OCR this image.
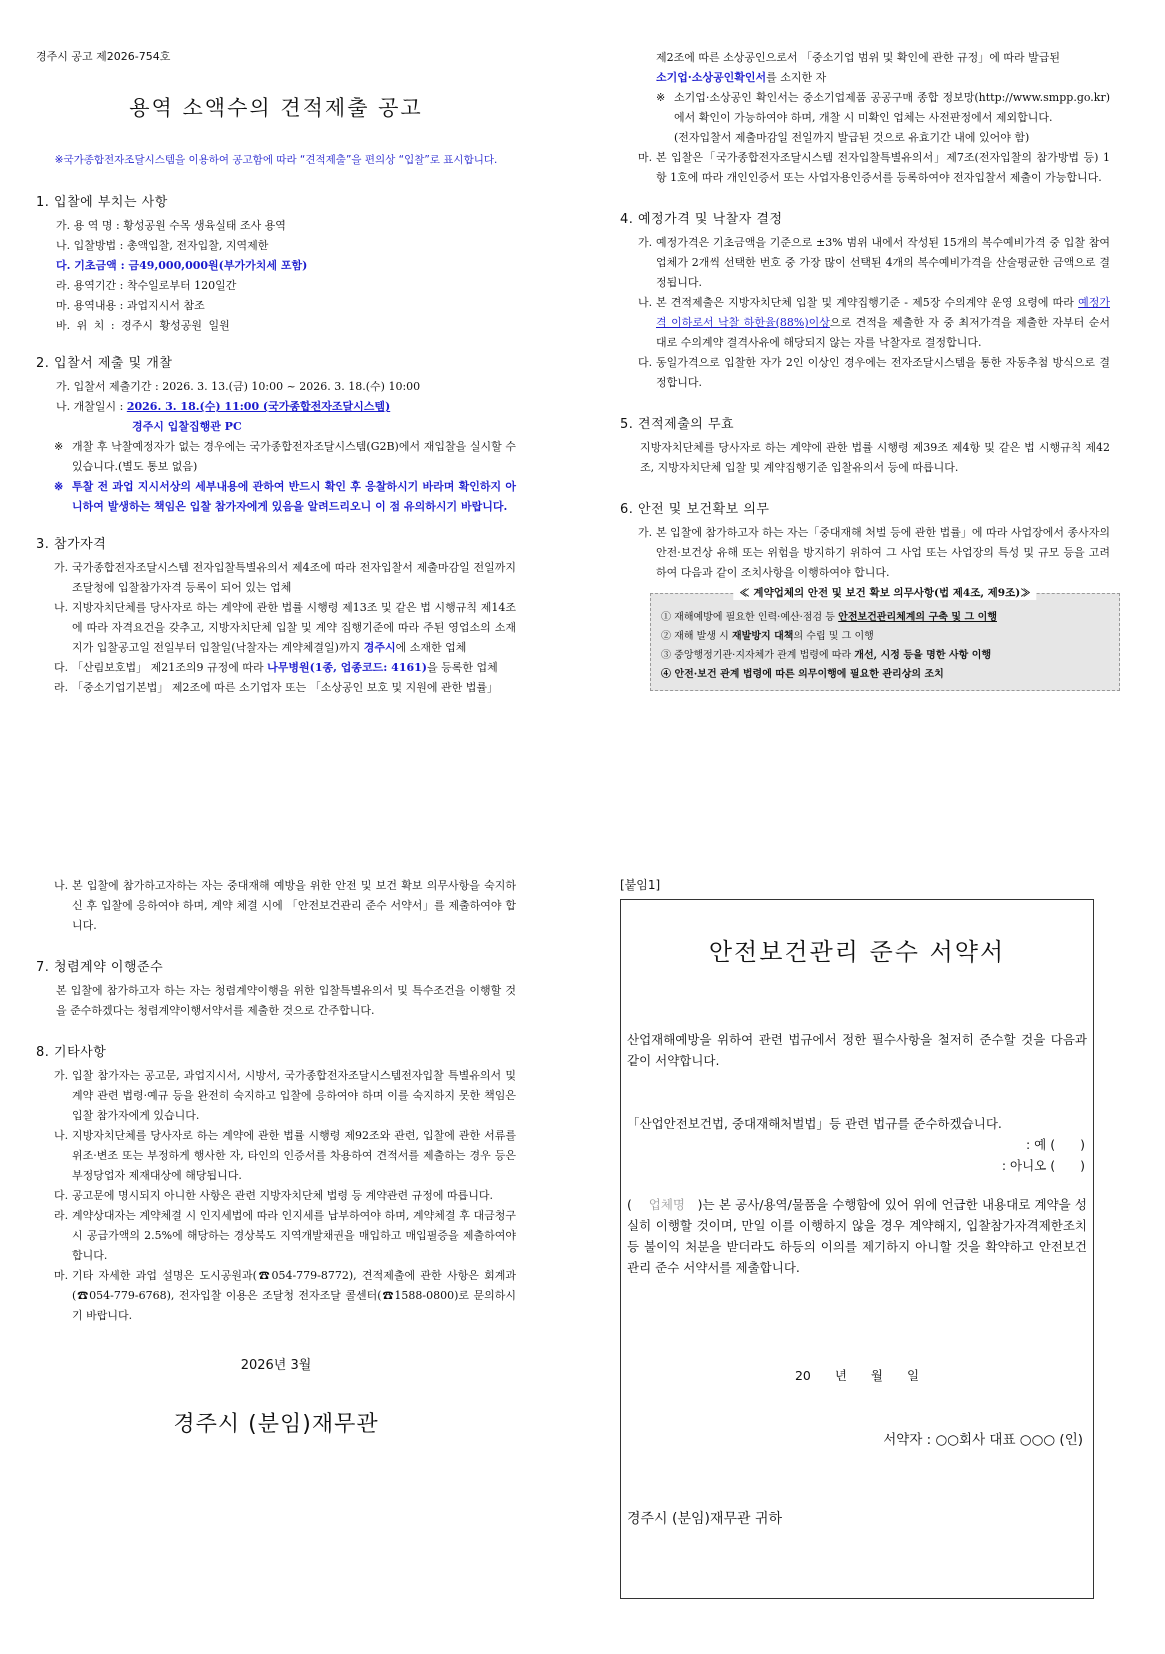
경주시 공고 제2026-754호
용역 소액수의 견적제출 공고
※국가종합전자조달시스템을 이용하여 공고함에 따라 “견적제출”을 편의상 “입찰”로 표시합니다.
1. 입찰에 부치는 사항
가. 용 역 명 : 황성공원 수목 생육실태 조사 용역
나. 입찰방법 : 총액입찰, 전자입찰, 지역제한
다. 기초금액 : 금49,000,000원(부가가치세 포함)
라. 용역기간 : 착수일로부터 120일간
마. 용역내용 : 과업지시서 참조
바. 위 치 : 경주시 황성공원 일원
2. 입찰서 제출 및 개찰
가. 입찰서 제출기간 : 2026. 3. 13.(금) 10:00 ~ 2026. 3. 18.(수) 10:00
나. 개찰일시 : 2026. 3. 18.(수) 11:00 (국가종합전자조달시스템)
경주시 입찰집행관 PC
※ 개찰 후 낙찰예정자가 없는 경우에는 국가종합전자조달시스템(G2B)에서 재입찰을 실시할 수 있습니다.(별도 통보 없음)
※ 투찰 전 과업 지시서상의 세부내용에 관하여 반드시 확인 후 응찰하시기 바라며 확인하지 아니하여 발생하는 책임은 입찰 참가자에게 있음을 알려드리오니 이 점 유의하시기 바랍니다.
3. 참가자격
가. 국가종합전자조달시스템 전자입찰특별유의서 제4조에 따라 전자입찰서 제출마감일 전일까지 조달청에 입찰참가자격 등록이 되어 있는 업체
나. 지방자치단체를 당사자로 하는 계약에 관한 법률 시행령 제13조 및 같은 법 시행규칙 제14조에 따라 자격요건을 갖추고, 지방자치단체 입찰 및 계약 집행기준에 따라 주된 영업소의 소재지가 입찰공고일 전일부터 입찰일(낙찰자는 계약체결일)까지 경주시에 소재한 업체
다. 「산림보호법」 제21조의9 규정에 따라 나무병원(1종, 업종코드: 4161)을 등록한 업체
라. 「중소기업기본법」 제2조에 따른 소기업자 또는 「소상공인 보호 및 지원에 관한 법률」
제2조에 따른 소상공인으로서 「중소기업 범위 및 확인에 관한 규정」에 따라 발급된
소기업·소상공인확인서를 소지한 자
※ 소기업·소상공인 확인서는 중소기업제품 공공구매 종합 정보망(http://www.smpp.go.kr)에서 확인이 가능하여야 하며, 개찰 시 미확인 업체는 사전판정에서 제외합니다.
(전자입찰서 제출마감일 전일까지 발급된 것으로 유효기간 내에 있어야 함)
마. 본 입찰은「국가종합전자조달시스템 전자입찰특별유의서」제7조(전자입찰의 참가방법 등) 1항 1호에 따라 개인인증서 또는 사업자용인증서를 등록하여야 전자입찰서 제출이 가능합니다.
4. 예정가격 및 낙찰자 결정
가. 예정가격은 기초금액을 기준으로 ±3% 범위 내에서 작성된 15개의 복수예비가격 중 입찰 참여 업체가 2개씩 선택한 번호 중 가장 많이 선택된 4개의 복수예비가격을 산술평균한 금액으로 결정됩니다.
나. 본 견적제출은 지방자치단체 입찰 및 계약집행기준 - 제5장 수의계약 운영 요령에 따라 예정가격 이하로서 낙찰 하한율(88%)이상으로 견적을 제출한 자 중 최저가격을 제출한 자부터 순서대로 수의계약 결격사유에 해당되지 않는 자를 낙찰자로 결정합니다.
다. 동일가격으로 입찰한 자가 2인 이상인 경우에는 전자조달시스템을 통한 자동추첨 방식으로 결정합니다.
5. 견적제출의 무효
지방자치단체를 당사자로 하는 계약에 관한 법률 시행령 제39조 제4항 및 같은 법 시행규칙 제42조, 지방자치단체 입찰 및 계약집행기준 입찰유의서 등에 따릅니다.
6. 안전 및 보건확보 의무
가. 본 입찰에 참가하고자 하는 자는「중대재해 처벌 등에 관한 법률」에 따라 사업장에서 종사자의 안전·보건상 유해 또는 위험을 방지하기 위하여 그 사업 또는 사업장의 특성 및 규모 등을 고려하여 다음과 같이 조치사항을 이행하여야 합니다.
≪ 계약업체의 안전 및 보건 확보 의무사항(법 제4조, 제9조)≫
① 재해예방에 필요한 인력·예산·점검 등 안전보건관리체계의 구축 및 그 이행
② 재해 발생 시 재발방지 대책의 수립 및 그 이행
③ 중앙행정기관·지자체가 관계 법령에 따라 개선, 시정 등을 명한 사항 이행
④ 안전·보건 관계 법령에 따른 의무이행에 필요한 관리상의 조치
나. 본 입찰에 참가하고자하는 자는 중대재해 예방을 위한 안전 및 보건 확보 의무사항을 숙지하신 후 입찰에 응하여야 하며, 계약 체결 시에 「안전보건관리 준수 서약서」를 제출하여야 합니다.
7. 청렴계약 이행준수
본 입찰에 참가하고자 하는 자는 청렴계약이행을 위한 입찰특별유의서 및 특수조건을 이행할 것을 준수하겠다는 청렴계약이행서약서를 제출한 것으로 간주합니다.
8. 기타사항
가. 입찰 참가자는 공고문, 과업지시서, 시방서, 국가종합전자조달시스템전자입찰 특별유의서 및 계약 관련 법령·예규 등을 완전히 숙지하고 입찰에 응하여야 하며 이를 숙지하지 못한 책임은 입찰 참가자에게 있습니다.
나. 지방자치단체를 당사자로 하는 계약에 관한 법률 시행령 제92조와 관련, 입찰에 관한 서류를 위조·변조 또는 부정하게 행사한 자, 타인의 인증서를 차용하여 견적서를 제출하는 경우 등은 부정당업자 제재대상에 해당됩니다.
다. 공고문에 명시되지 아니한 사항은 관련 지방자치단체 법령 등 계약관련 규정에 따릅니다.
라. 계약상대자는 계약체결 시 인지세법에 따라 인지세를 납부하여야 하며, 계약체결 후 대금청구 시 공급가액의 2.5%에 해당하는 경상북도 지역개발채권을 매입하고 매입필증을 제출하여야 합니다.
마. 기타 자세한 과업 설명은 도시공원과(☎054-779-8772), 견적제출에 관한 사항은 회계과(☎054-779-6768), 전자입찰 이용은 조달청 전자조달 콜센터(☎1588-0800)로 문의하시기 바랍니다.
2026년 3월
경주시 (분임)재무관
[붙임1]
안전보건관리 준수 서약서
산업재해예방을 위하여 관련 법규에서 정한 필수사항을 철저히 준수할 것을 다음과 같이 서약합니다.
「산업안전보건법, 중대재해처벌법」등 관련 법규를 준수하겠습니다.
: 예 (　　)
: 아니오 (　　)
( 업체명 )는 본 공사/용역/물품을 수행함에 있어 위에 언급한 내용대로 계약을 성실히 이행할 것이며, 만일 이를 이행하지 않을 경우 계약해지, 입찰참가자격제한조치 등 불이익 처분을 받더라도 하등의 이의를 제기하지 아니할 것을 확약하고 안전보건관리 준수 서약서를 제출합니다.
20 년 월 일
서약자 : ○○회사 대표 ○○○ (인)
경주시 (분임)재무관 귀하
